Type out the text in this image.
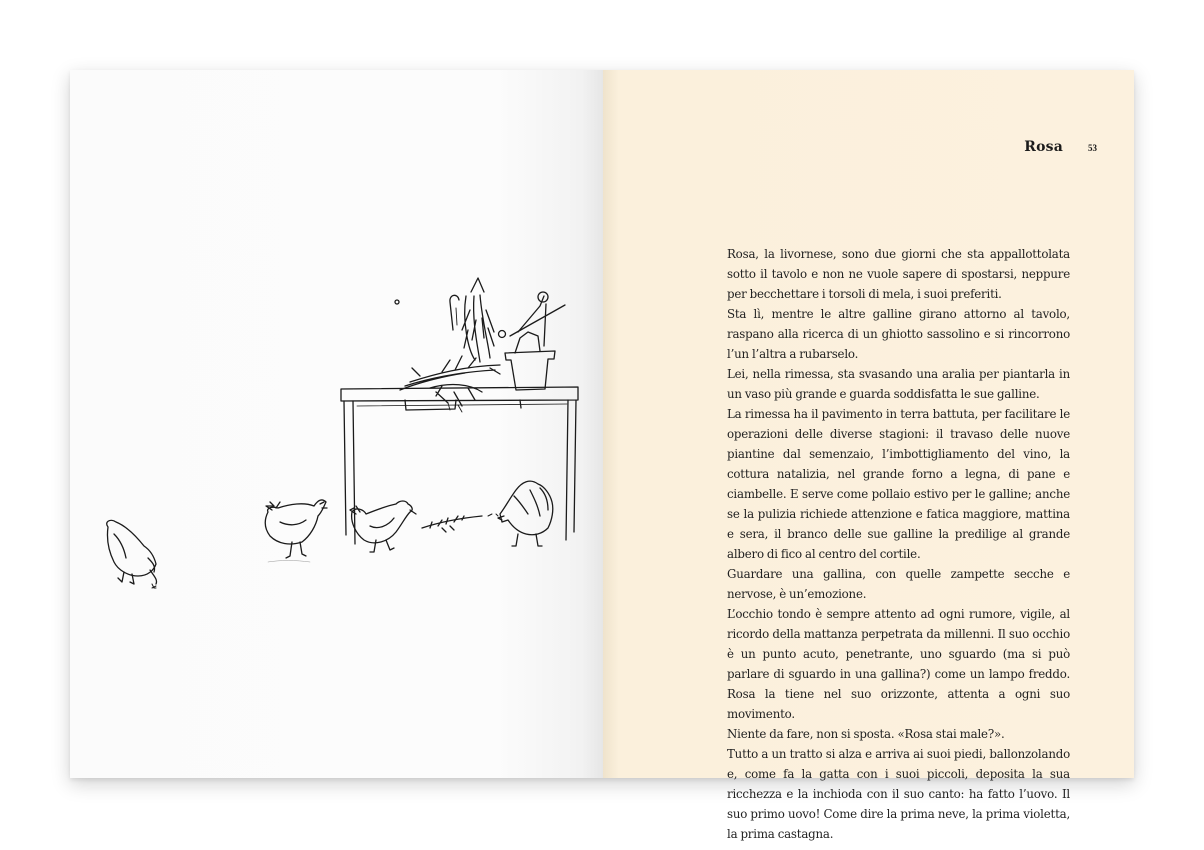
Rosa	53

Rosa, la livornese, sono due giorni che sta appallottolata sotto il tavolo e non ne vuole sapere di spostarsi, neppure per becchettare i torsoli di mela, i suoi preferiti.

Sta lì, mentre le altre galline girano attorno al tavolo, raspano alla ricerca di un ghiotto sassolino e si rincorrono l’un l’altra a rubarselo.

Lei, nella rimessa, sta svasando una aralia per piantarla in un vaso più grande e guarda soddisfatta le sue galline.

La rimessa ha il pavimento in terra battuta, per facilitare le operazioni delle diverse stagioni: il travaso delle nuove piantine dal semenzaio, l’imbottigliamento del vino, la cottura natalizia, nel grande forno a legna, di pane e ciambelle. E serve come pollaio estivo per le galline; anche se la pulizia richiede attenzione e fatica maggiore, mattina e sera, il branco delle sue galline la predilige al grande albero di fico al centro del cortile.

Guardare una gallina, con quelle zampette secche e nervose, è un’emozione.

L’occhio tondo è sempre attento ad ogni rumore, vigile, al ricordo della mattanza perpetrata da millenni. Il suo occhio è un punto acuto, penetrante, uno sguardo (ma si può parlare di sguardo in una gallina?) come un lampo freddo. Rosa la tiene nel suo orizzonte, attenta a ogni suo movimento.

Niente da fare, non si sposta. «Rosa stai male?».

Tutto a un tratto si alza e arriva ai suoi piedi, ballonzolando e, come fa la gatta con i suoi piccoli, deposita la sua ricchezza e la inchioda con il suo canto: ha fatto l’uovo. Il suo primo uovo! Come dire la prima neve, la prima violetta, la prima castagna.
